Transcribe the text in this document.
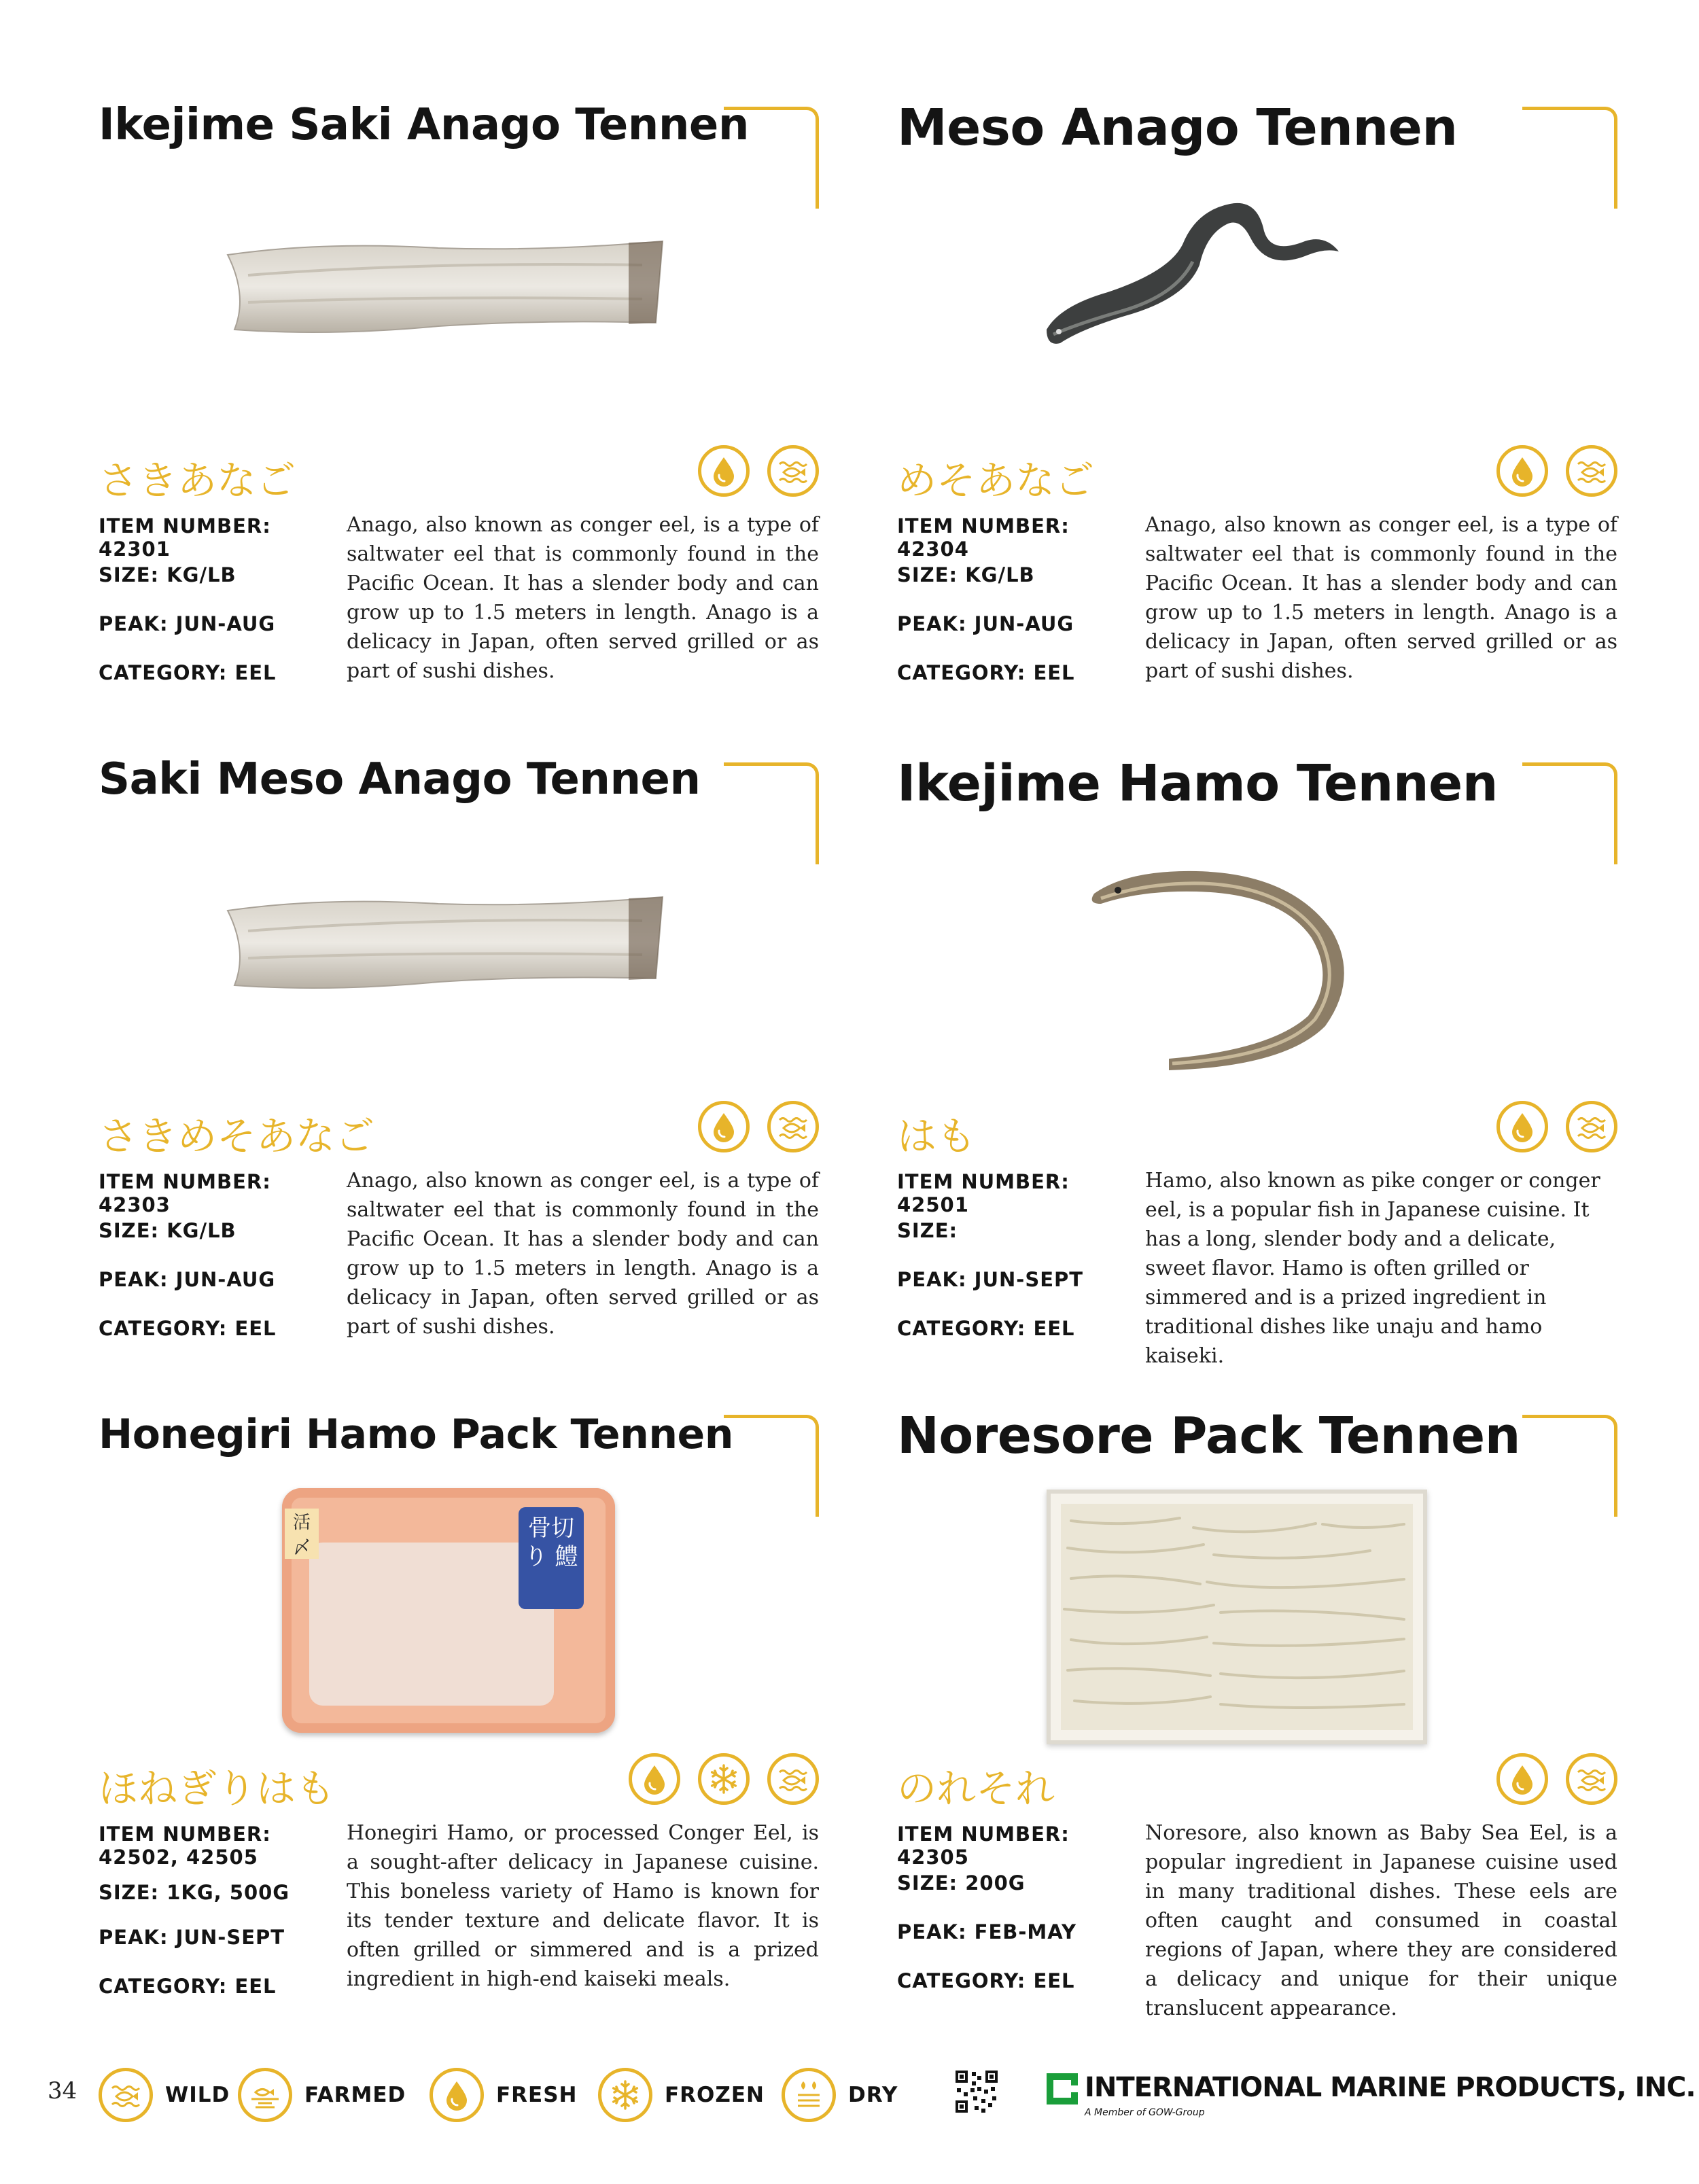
Ikejime Saki Anago Tennen
さきあなご
ITEM NUMBER: 42301
SIZE: KG/LB
PEAK: JUN-AUG
CATEGORY: EEL
Anago, also known as conger eel, is a type of saltwater eel that is commonly found in the Pacific Ocean. It has a slender body and can grow up to 1.5 meters in length. Anago is a delicacy in Japan, often served grilled or as part of sushi dishes.
Meso Anago Tennen
めそあなご
ITEM NUMBER: 42304
SIZE: KG/LB
PEAK: JUN-AUG
CATEGORY: EEL
Anago, also known as conger eel, is a type of saltwater eel that is commonly found in the Pacific Ocean. It has a slender body and can grow up to 1.5 meters in length. Anago is a delicacy in Japan, often served grilled or as part of sushi dishes.
Saki Meso Anago Tennen
さきめそあなご
ITEM NUMBER: 42303
SIZE: KG/LB
PEAK: JUN-AUG
CATEGORY: EEL
Anago, also known as conger eel, is a type of saltwater eel that is commonly found in the Pacific Ocean. It has a slender body and can grow up to 1.5 meters in length. Anago is a delicacy in Japan, often served grilled or as part of sushi dishes.
Ikejime Hamo Tennen
はも
ITEM NUMBER: 42501
SIZE:
PEAK: JUN-SEPT
CATEGORY: EEL
Hamo, also known as pike conger or conger eel, is a popular fish in Japanese cuisine. It has a long, slender body and a delicate, sweet flavor. Hamo is often grilled or simmered and is a prized ingredient in traditional dishes like unaju and hamo kaiseki.
Honegiri Hamo Pack Tennen
骨切り 鱧
活〆
ほねぎりはも
ITEM NUMBER: 42502, 42505
SIZE: 1KG, 500G
PEAK: JUN-SEPT
CATEGORY: EEL
Honegiri Hamo, or processed Conger Eel, is a sought-after delicacy in Japanese cuisine. This boneless variety of Hamo is known for its tender texture and delicate flavor. It is often grilled or simmered and is a prized ingredient in high-end kaiseki meals.
Noresore Pack Tennen
のれそれ
ITEM NUMBER: 42305
SIZE: 200G
PEAK: FEB-MAY
CATEGORY: EEL
Noresore, also known as Baby Sea Eel, is a popular ingredient in Japanese cuisine used in many traditional dishes. These eels are often caught and consumed in coastal regions of Japan, where they are considered a delicacy and unique for their unique translucent appearance.
34	WILD	FARMED	FRESH	FROZEN	DRY	INTERNATIONAL MARINE PRODUCTS, INC.
A Member of GOW-Group
